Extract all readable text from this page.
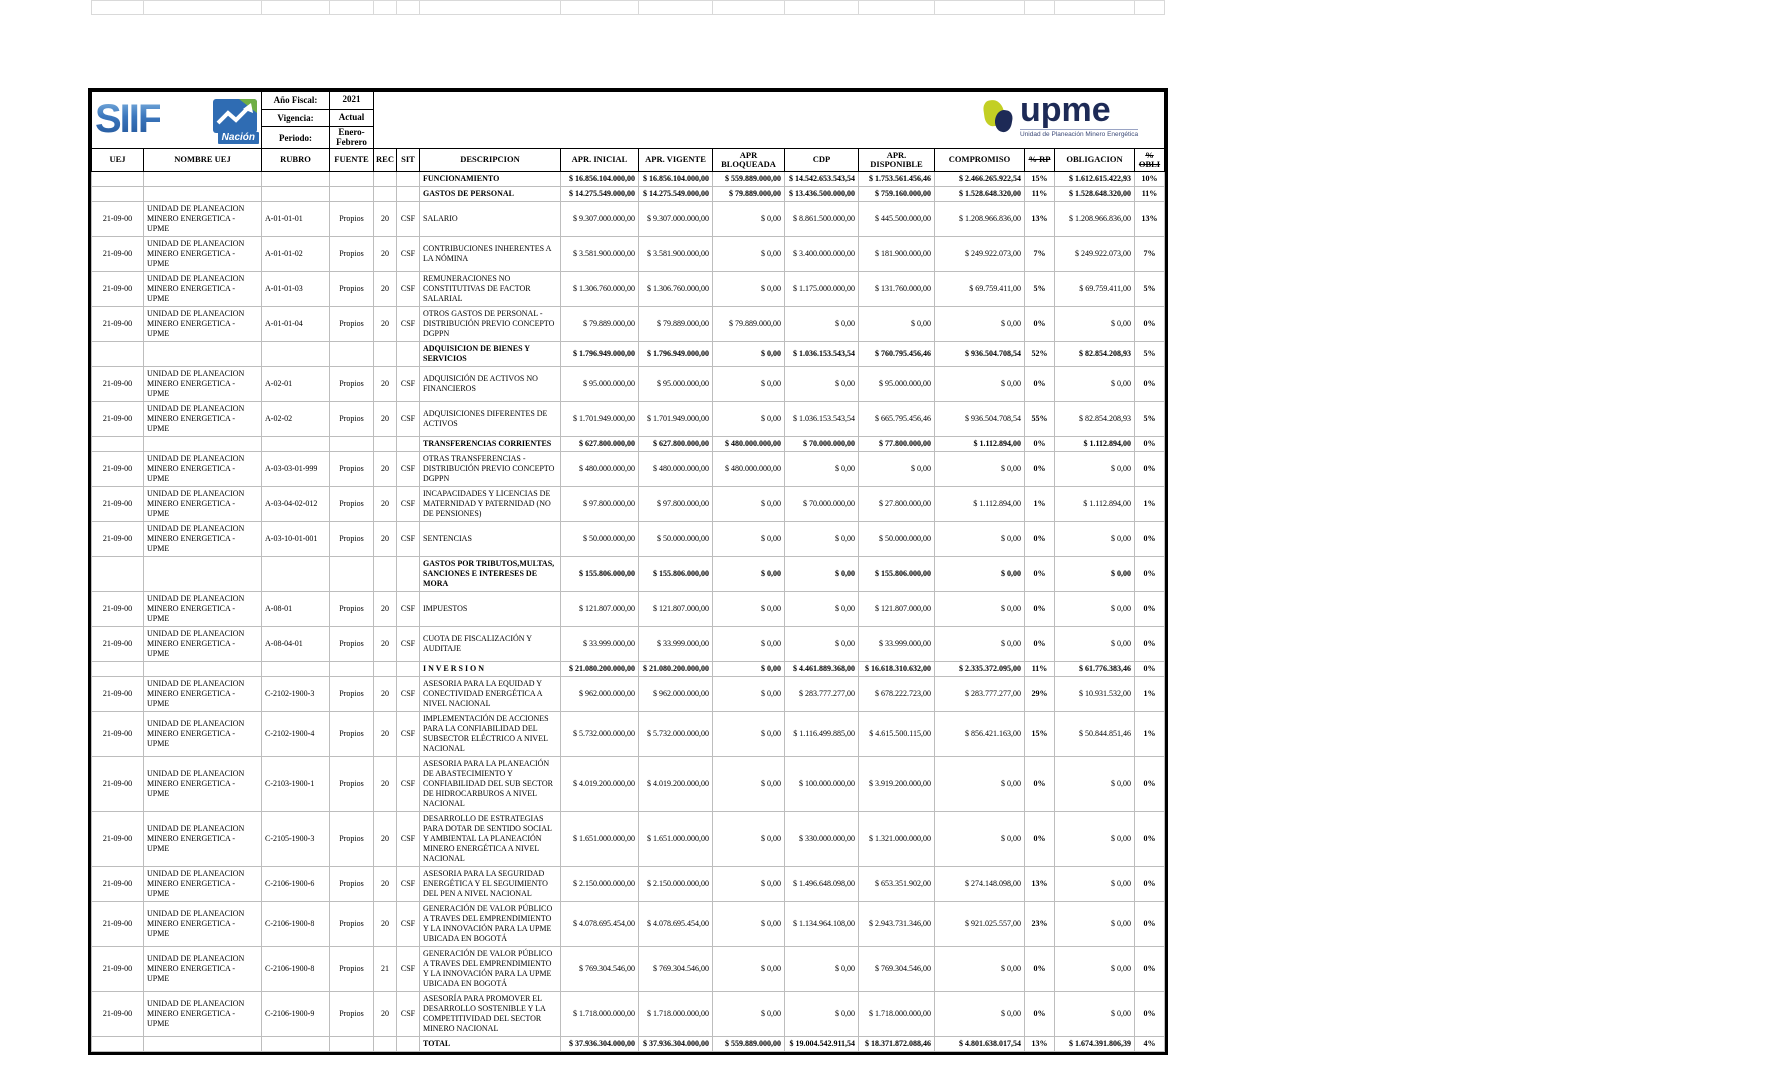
SIIF Nación		Año Fiscal:	2021	upme
Unidad de Planeación Minero Energética											

		Vigencia:	Actual												
		Periodo:	Enero-Febrero												
UEJ	NOMBRE UEJ	RUBRO	FUENTE	REC	SIT	DESCRIPCION	APR. INICIAL	APR. VIGENTE	APR BLOQUEADA	CDP	APR. DISPONIBLE	COMPROMISO	% RP	OBLIGACION	% OBLI
						FUNCIONAMIENTO	$ 16.856.104.000,00	$ 16.856.104.000,00	$ 559.889.000,00	$ 14.542.653.543,54	$ 1.753.561.456,46	$ 2.466.265.922,54	15%	$ 1.612.615.422,93	10%
						GASTOS DE PERSONAL	$ 14.275.549.000,00	$ 14.275.549.000,00	$ 79.889.000,00	$ 13.436.500.000,00	$ 759.160.000,00	$ 1.528.648.320,00	11%	$ 1.528.648.320,00	11%
21-09-00	UNIDAD DE PLANEACION MINERO ENERGETICA - UPME	A-01-01-01	Propios	20	CSF	SALARIO	$ 9.307.000.000,00	$ 9.307.000.000,00	$ 0,00	$ 8.861.500.000,00	$ 445.500.000,00	$ 1.208.966.836,00	13%	$ 1.208.966.836,00	13%
21-09-00	UNIDAD DE PLANEACION MINERO ENERGETICA - UPME	A-01-01-02	Propios	20	CSF	CONTRIBUCIONES INHERENTES A LA NÓMINA	$ 3.581.900.000,00	$ 3.581.900.000,00	$ 0,00	$ 3.400.000.000,00	$ 181.900.000,00	$ 249.922.073,00	7%	$ 249.922.073,00	7%
21-09-00	UNIDAD DE PLANEACION MINERO ENERGETICA - UPME	A-01-01-03	Propios	20	CSF	REMUNERACIONES NO CONSTITUTIVAS DE FACTOR SALARIAL	$ 1.306.760.000,00	$ 1.306.760.000,00	$ 0,00	$ 1.175.000.000,00	$ 131.760.000,00	$ 69.759.411,00	5%	$ 69.759.411,00	5%
21-09-00	UNIDAD DE PLANEACION MINERO ENERGETICA - UPME	A-01-01-04	Propios	20	CSF	OTROS GASTOS DE PERSONAL - DISTRIBUCIÓN PREVIO CONCEPTO DGPPN	$ 79.889.000,00	$ 79.889.000,00	$ 79.889.000,00	$ 0,00	$ 0,00	$ 0,00	0%	$ 0,00	0%
						ADQUISICION DE BIENES Y SERVICIOS	$ 1.796.949.000,00	$ 1.796.949.000,00	$ 0,00	$ 1.036.153.543,54	$ 760.795.456,46	$ 936.504.708,54	52%	$ 82.854.208,93	5%
21-09-00	UNIDAD DE PLANEACION MINERO ENERGETICA - UPME	A-02-01	Propios	20	CSF	ADQUISICIÓN DE ACTIVOS NO FINANCIEROS	$ 95.000.000,00	$ 95.000.000,00	$ 0,00	$ 0,00	$ 95.000.000,00	$ 0,00	0%	$ 0,00	0%
21-09-00	UNIDAD DE PLANEACION MINERO ENERGETICA - UPME	A-02-02	Propios	20	CSF	ADQUISICIONES DIFERENTES DE ACTIVOS	$ 1.701.949.000,00	$ 1.701.949.000,00	$ 0,00	$ 1.036.153.543,54	$ 665.795.456,46	$ 936.504.708,54	55%	$ 82.854.208,93	5%
						TRANSFERENCIAS CORRIENTES	$ 627.800.000,00	$ 627.800.000,00	$ 480.000.000,00	$ 70.000.000,00	$ 77.800.000,00	$ 1.112.894,00	0%	$ 1.112.894,00	0%
21-09-00	UNIDAD DE PLANEACION MINERO ENERGETICA - UPME	A-03-03-01-999	Propios	20	CSF	OTRAS TRANSFERENCIAS - DISTRIBUCIÓN PREVIO CONCEPTO DGPPN	$ 480.000.000,00	$ 480.000.000,00	$ 480.000.000,00	$ 0,00	$ 0,00	$ 0,00	0%	$ 0,00	0%
21-09-00	UNIDAD DE PLANEACION MINERO ENERGETICA - UPME	A-03-04-02-012	Propios	20	CSF	INCAPACIDADES Y LICENCIAS DE MATERNIDAD Y PATERNIDAD (NO DE PENSIONES)	$ 97.800.000,00	$ 97.800.000,00	$ 0,00	$ 70.000.000,00	$ 27.800.000,00	$ 1.112.894,00	1%	$ 1.112.894,00	1%
21-09-00	UNIDAD DE PLANEACION MINERO ENERGETICA - UPME	A-03-10-01-001	Propios	20	CSF	SENTENCIAS	$ 50.000.000,00	$ 50.000.000,00	$ 0,00	$ 0,00	$ 50.000.000,00	$ 0,00	0%	$ 0,00	0%
						GASTOS POR TRIBUTOS,MULTAS, SANCIONES E INTERESES DE MORA	$ 155.806.000,00	$ 155.806.000,00	$ 0,00	$ 0,00	$ 155.806.000,00	$ 0,00	0%	$ 0,00	0%
21-09-00	UNIDAD DE PLANEACION MINERO ENERGETICA - UPME	A-08-01	Propios	20	CSF	IMPUESTOS	$ 121.807.000,00	$ 121.807.000,00	$ 0,00	$ 0,00	$ 121.807.000,00	$ 0,00	0%	$ 0,00	0%
21-09-00	UNIDAD DE PLANEACION MINERO ENERGETICA - UPME	A-08-04-01	Propios	20	CSF	CUOTA DE FISCALIZACIÓN Y AUDITAJE	$ 33.999.000,00	$ 33.999.000,00	$ 0,00	$ 0,00	$ 33.999.000,00	$ 0,00	0%	$ 0,00	0%
						I N V E R S I O N	$ 21.080.200.000,00	$ 21.080.200.000,00	$ 0,00	$ 4.461.889.368,00	$ 16.618.310.632,00	$ 2.335.372.095,00	11%	$ 61.776.383,46	0%
21-09-00	UNIDAD DE PLANEACION MINERO ENERGETICA - UPME	C-2102-1900-3	Propios	20	CSF	ASESORIA PARA LA EQUIDAD Y CONECTIVIDAD ENERGÉTICA A NIVEL NACIONAL	$ 962.000.000,00	$ 962.000.000,00	$ 0,00	$ 283.777.277,00	$ 678.222.723,00	$ 283.777.277,00	29%	$ 10.931.532,00	1%
21-09-00	UNIDAD DE PLANEACION MINERO ENERGETICA - UPME	C-2102-1900-4	Propios	20	CSF	IMPLEMENTACIÓN DE ACCIONES PARA LA CONFIABILIDAD DEL SUBSECTOR ELÉCTRICO A NIVEL NACIONAL	$ 5.732.000.000,00	$ 5.732.000.000,00	$ 0,00	$ 1.116.499.885,00	$ 4.615.500.115,00	$ 856.421.163,00	15%	$ 50.844.851,46	1%
21-09-00	UNIDAD DE PLANEACION MINERO ENERGETICA - UPME	C-2103-1900-1	Propios	20	CSF	ASESORIA PARA LA PLANEACIÓN DE ABASTECIMIENTO Y CONFIABILIDAD DEL SUB SECTOR DE HIDROCARBUROS A NIVEL NACIONAL	$ 4.019.200.000,00	$ 4.019.200.000,00	$ 0,00	$ 100.000.000,00	$ 3.919.200.000,00	$ 0,00	0%	$ 0,00	0%
21-09-00	UNIDAD DE PLANEACION MINERO ENERGETICA - UPME	C-2105-1900-3	Propios	20	CSF	DESARROLLO DE ESTRATEGIAS PARA DOTAR DE SENTIDO SOCIAL Y AMBIENTAL LA PLANEACIÓN MINERO ENERGÉTICA A NIVEL NACIONAL	$ 1.651.000.000,00	$ 1.651.000.000,00	$ 0,00	$ 330.000.000,00	$ 1.321.000.000,00	$ 0,00	0%	$ 0,00	0%
21-09-00	UNIDAD DE PLANEACION MINERO ENERGETICA - UPME	C-2106-1900-6	Propios	20	CSF	ASESORIA PARA LA SEGURIDAD ENERGÉTICA Y EL SEGUIMIENTO DEL PEN A NIVEL NACIONAL	$ 2.150.000.000,00	$ 2.150.000.000,00	$ 0,00	$ 1.496.648.098,00	$ 653.351.902,00	$ 274.148.098,00	13%	$ 0,00	0%
21-09-00	UNIDAD DE PLANEACION MINERO ENERGETICA - UPME	C-2106-1900-8	Propios	20	CSF	GENERACIÓN DE VALOR PÚBLICO A TRAVES DEL EMPRENDIMIENTO Y LA INNOVACIÓN PARA LA UPME UBICADA EN BOGOTÁ	$ 4.078.695.454,00	$ 4.078.695.454,00	$ 0,00	$ 1.134.964.108,00	$ 2.943.731.346,00	$ 921.025.557,00	23%	$ 0,00	0%
21-09-00	UNIDAD DE PLANEACION MINERO ENERGETICA - UPME	C-2106-1900-8	Propios	21	CSF	GENERACIÓN DE VALOR PÚBLICO A TRAVES DEL EMPRENDIMIENTO Y LA INNOVACIÓN PARA LA UPME UBICADA EN BOGOTÁ	$ 769.304.546,00	$ 769.304.546,00	$ 0,00	$ 0,00	$ 769.304.546,00	$ 0,00	0%	$ 0,00	0%
21-09-00	UNIDAD DE PLANEACION MINERO ENERGETICA - UPME	C-2106-1900-9	Propios	20	CSF	ASESORÍA PARA PROMOVER EL DESARROLLO SOSTENIBLE Y LA COMPETITIVIDAD DEL SECTOR MINERO NACIONAL	$ 1.718.000.000,00	$ 1.718.000.000,00	$ 0,00	$ 0,00	$ 1.718.000.000,00	$ 0,00	0%	$ 0,00	0%
						TOTAL	$ 37.936.304.000,00	$ 37.936.304.000,00	$ 559.889.000,00	$ 19.004.542.911,54	$ 18.371.872.088,46	$ 4.801.638.017,54	13%	$ 1.674.391.806,39	4%
